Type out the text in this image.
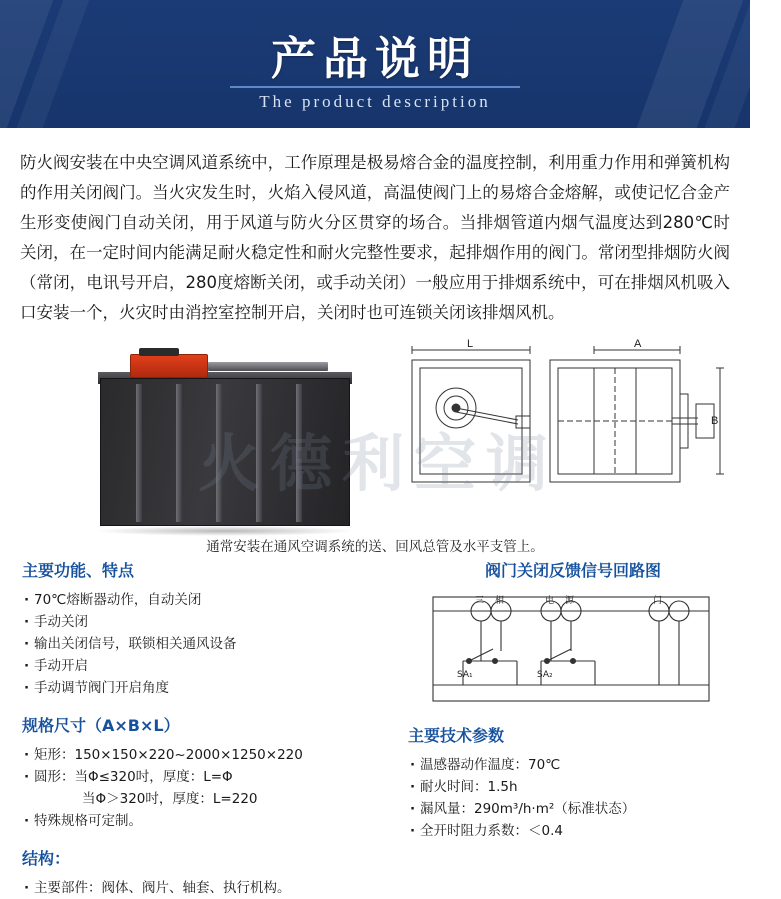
产品说明
The product description
防火阀安装在中央空调风道系统中，工作原理是极易熔合金的温度控制，利用重力作用和弹簧机构的作用关闭阀门。当火灾发生时，火焰入侵风道，高温使阀门上的易熔合金熔解，或使记忆合金产生形变使阀门自动关闭，用于风道与防火分区贯穿的场合。当排烟管道内烟气温度达到280℃时关闭，在一定时间内能满足耐火稳定性和耐火完整性要求，起排烟作用的阀门。常闭型排烟防火阀（常闭，电讯号开启，280度熔断关闭，或手动关闭）一般应用于排烟系统中，可在排烟风机吸入口安装一个，火灾时由消控室控制开启，关闭时也可连锁关闭该排烟风机。
L	A
B
火德利空调
通常安装在通风空调系统的送、回风总管及水平支管上。
主要功能、特点
· 70℃熔断器动作，自动关闭
· 手动关闭
· 输出关闭信号，联锁相关通风设备
· 手动开启
· 手动调节阀门开启角度
规格尺寸（A×B×L）
· 矩形：150×150×220~2000×1250×220
· 圆形：当Φ≤320吋，厚度：L=Φ
当Φ＞320吋，厚度：L=220
· 特殊规格可定制。
结构：
· 主要部件：阀体、阀片、轴套、执行机构。
阀门关闭反馈信号回路图
三 相	电 源	门
SA₁	SA₂
主要技术参数
· 温感器动作温度：70℃
· 耐火时间：1.5h
· 漏风量：290m³/h·m²（标准状态）
· 全开时阻力系数：＜0.4
